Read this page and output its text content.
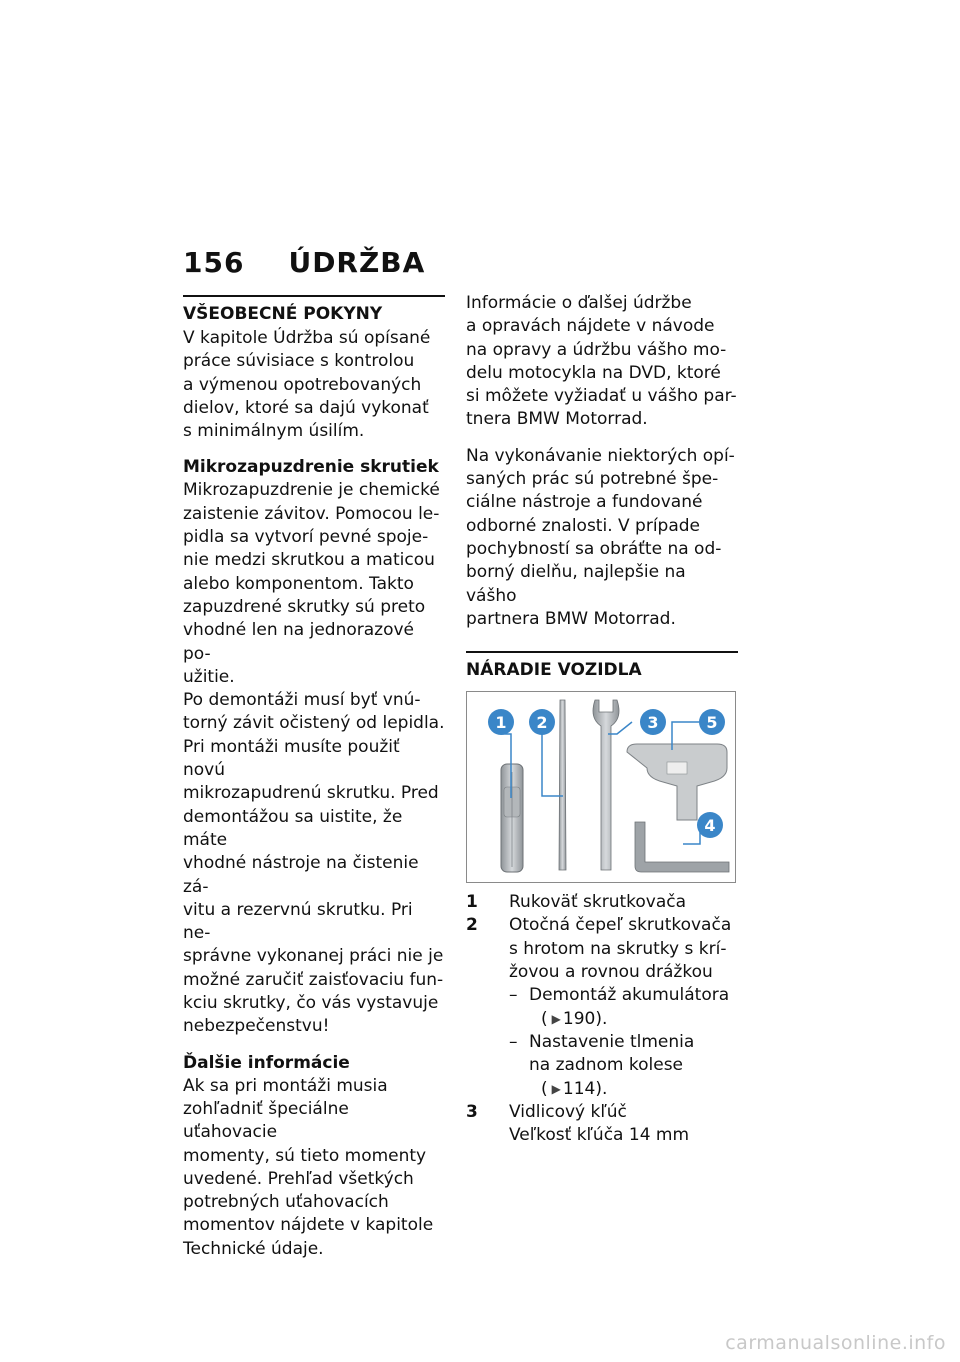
156 ÚDRŽBA
VŠEOBECNÉ POKYNY

V kapitole Údržba sú opísané
práce súvisiace s kontrolou
a výmenou opotrebovaných
dielov, ktoré sa dajú vykonať
s minimálnym úsilím.

Mikrozapuzdrenie skrutiek

Mikrozapuzdrenie je chemické
zaistenie závitov. Pomocou le-
pidla sa vytvorí pevné spoje-
nie medzi skrutkou a maticou
alebo komponentom. Takto
zapuzdrené skrutky sú preto
vhodné len na jednorazové po-
užitie.

Po demontáži musí byť vnú-
torný závit očistený od lepidla.
Pri montáži musíte použiť novú
mikrozapudrenú skrutku. Pred
demontážou sa uistite, že máte
vhodné nástroje na čistenie zá-
vitu a rezervnú skrutku. Pri ne-
správne vykonanej práci nie je
možné zaručiť zaisťovaciu fun-
kciu skrutky, čo vás vystavuje
nebezpečenstvu!

Ďalšie informácie

Ak sa pri montáži musia
zohľadniť špeciálne uťahovacie
momenty, sú tieto momenty
uvedené. Prehľad všetkých
potrebných uťahovacích
momentov nájdete v kapitole
Technické údaje.

Informácie o ďalšej údržbe
a opravách nájdete v návode
na opravy a údržbu vášho mo-
delu motocykla na DVD, ktoré
si môžete vyžiadať u vášho par-
tnera BMW Motorrad.

Na vykonávanie niektorých opí-
saných prác sú potrebné špe-
ciálne nástroje a fundované
odborné znalosti. V prípade
pochybností sa obráťte na od-
borný dielňu, najlepšie na vášho
partnera BMW Motorrad.

NÁRADIE VOZIDLA
1 2	3	5
4
1	Rukoväť skrutkovača
2	Otočná čepeľ skrutkovača
s hrotom na skrutky s krí-
žovou a rovnou drážkou
– Demontáž akumulátora
( ▶ 190).
– Nastavenie tlmenia
na zadnom kolese
( ▶ 114).
3	Vidlicový kľúč
Veľkosť kľúča 14 mm
carmanualsonline.info
